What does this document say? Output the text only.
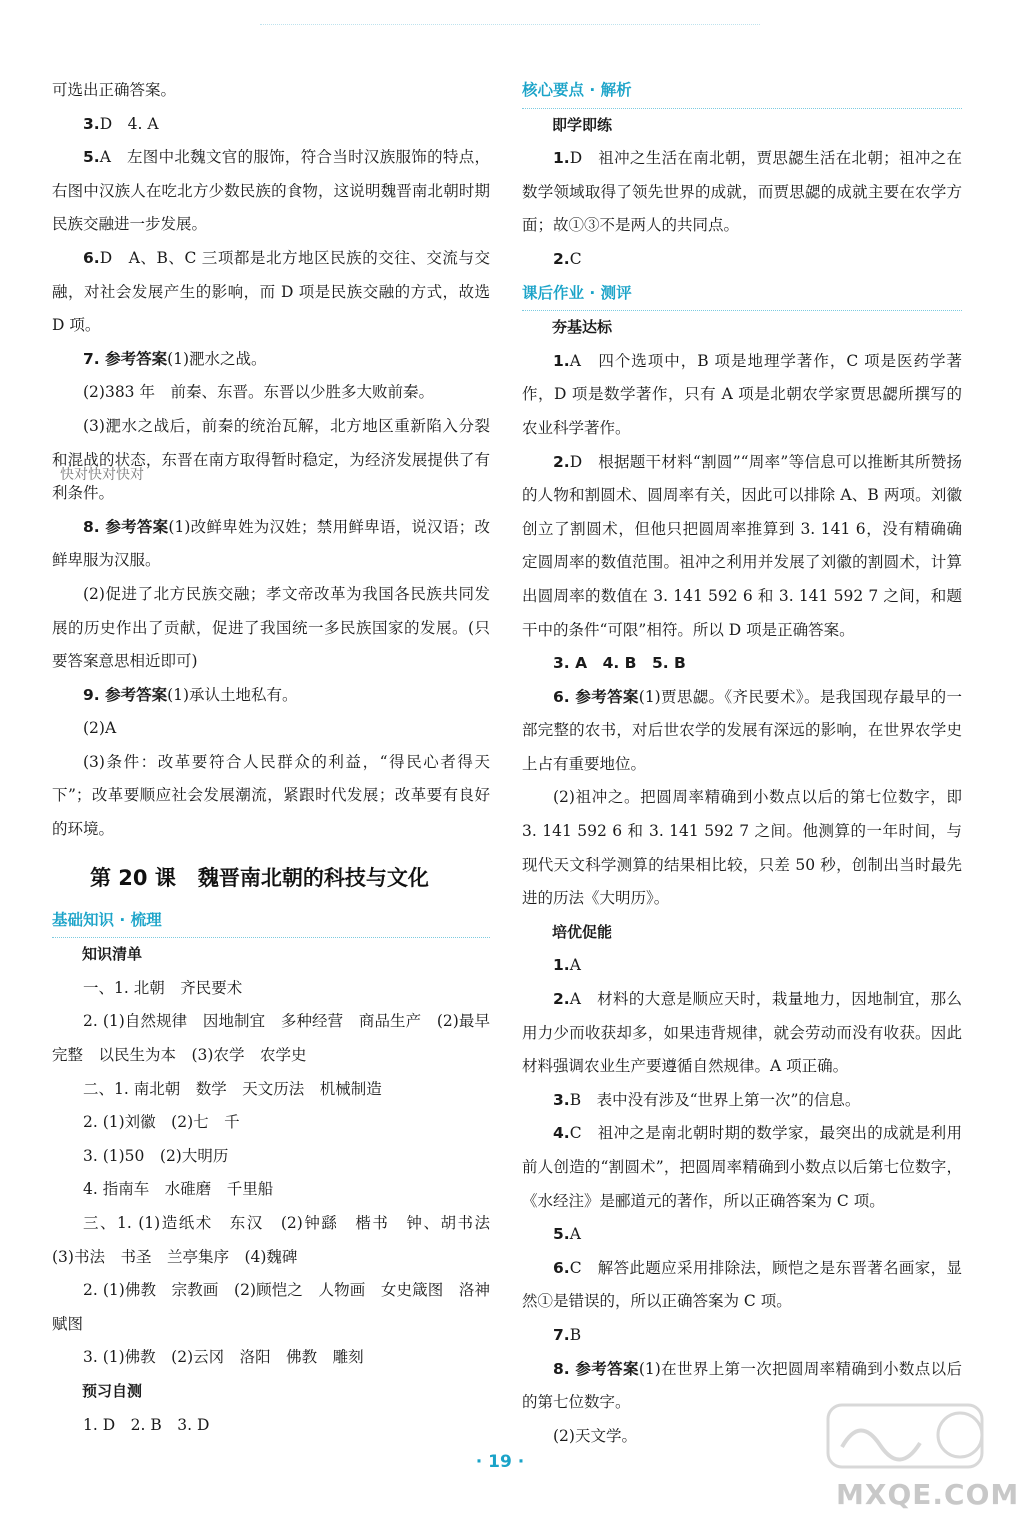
可选出正确答案。

3.D　4. A

5.A　左图中北魏文官的服饰，符合当时汉族服饰的特点，右图中汉族人在吃北方少数民族的食物，这说明魏晋南北朝时期民族交融进一步发展。

6.D　A、B、C 三项都是北方地区民族的交往、交流与交融，对社会发展产生的影响，而 D 项是民族交融的方式，故选 D 项。

7. 参考答案(1)淝水之战。

(2)383 年　前秦、东晋。东晋以少胜多大败前秦。

(3)淝水之战后，前秦的统治瓦解，北方地区重新陷入分裂和混战的状态，东晋在南方取得暂时稳定，为经济发展提供了有利条件。

8. 参考答案(1)改鲜卑姓为汉姓；禁用鲜卑语，说汉语；改鲜卑服为汉服。

(2)促进了北方民族交融；孝文帝改革为我国各民族共同发展的历史作出了贡献，促进了我国统一多民族国家的发展。(只要答案意思相近即可)

9. 参考答案(1)承认土地私有。

(2)A

(3)条件：改革要符合人民群众的利益，“得民心者得天下”；改革要顺应社会发展潮流，紧跟时代发展；改革要有良好的环境。

第 20 课 魏晋南北朝的科技与文化

基础知识 · 梳理

知识清单

一、1. 北朝　齐民要术

2. (1)自然规律　因地制宜　多种经营　商品生产　(2)最早　完整　以民生为本　(3)农学　农学史

二、1. 南北朝　数学　天文历法　机械制造

2. (1)刘徽　(2)七　千

3. (1)50　(2)大明历

4. 指南车　水碓磨　千里船

三、1. (1)造纸术　东汉　(2)钟繇　楷书　钟、胡书法　(3)书法　书圣　兰亭集序　(4)魏碑

2. (1)佛教　宗教画　(2)顾恺之　人物画　女史箴图　洛神赋图

3. (1)佛教　(2)云冈　洛阳　佛教　雕刻

预习自测

1. D　2. B　3. D

核心要点 · 解析

即学即练

1.D　祖冲之生活在南北朝，贾思勰生活在北朝；祖冲之在数学领域取得了领先世界的成就，而贾思勰的成就主要在农学方面；故①③不是两人的共同点。

2.C

课后作业 · 测评

夯基达标

1.A　四个选项中，B 项是地理学著作，C 项是医药学著作，D 项是数学著作，只有 A 项是北朝农学家贾思勰所撰写的农业科学著作。

2.D　根据题干材料“割圆”“周率”等信息可以推断其所赞扬的人物和割圆术、圆周率有关，因此可以排除 A、B 两项。刘徽创立了割圆术，但他只把圆周率推算到 3. 141 6，没有精确确定圆周率的数值范围。祖冲之利用并发展了刘徽的割圆术，计算出圆周率的数值在 3. 141 592 6 和 3. 141 592 7 之间，和题干中的条件“可限”相符。所以 D 项是正确答案。

3. A　4. B　5. B

6. 参考答案(1)贾思勰。《齐民要术》。是我国现存最早的一部完整的农书，对后世农学的发展有深远的影响，在世界农学史上占有重要地位。

(2)祖冲之。把圆周率精确到小数点以后的第七位数字，即 3. 141 592 6 和 3. 141 592 7 之间。他测算的一年时间，与现代天文科学测算的结果相比较，只差 50 秒，创制出当时最先进的历法《大明历》。

培优促能

1.A

2.A　材料的大意是顺应天时，栽量地力，因地制宜，那么用力少而收获却多，如果违背规律，就会劳动而没有收获。因此材料强调农业生产要遵循自然规律。A 项正确。

3.B　表中没有涉及“世界上第一次”的信息。

4.C　祖冲之是南北朝时期的数学家，最突出的成就是利用前人创造的“割圆术”，把圆周率精确到小数点以后第七位数字，《水经注》是郦道元的著作，所以正确答案为 C 项。

5.A

6.C　解答此题应采用排除法，顾恺之是东晋著名画家，显然①是错误的，所以正确答案为 C 项。

7.B

8. 参考答案(1)在世界上第一次把圆周率精确到小数点以后的第七位数字。

(2)天文学。

快对快对快对
· 19 ·
MXQE.COM
